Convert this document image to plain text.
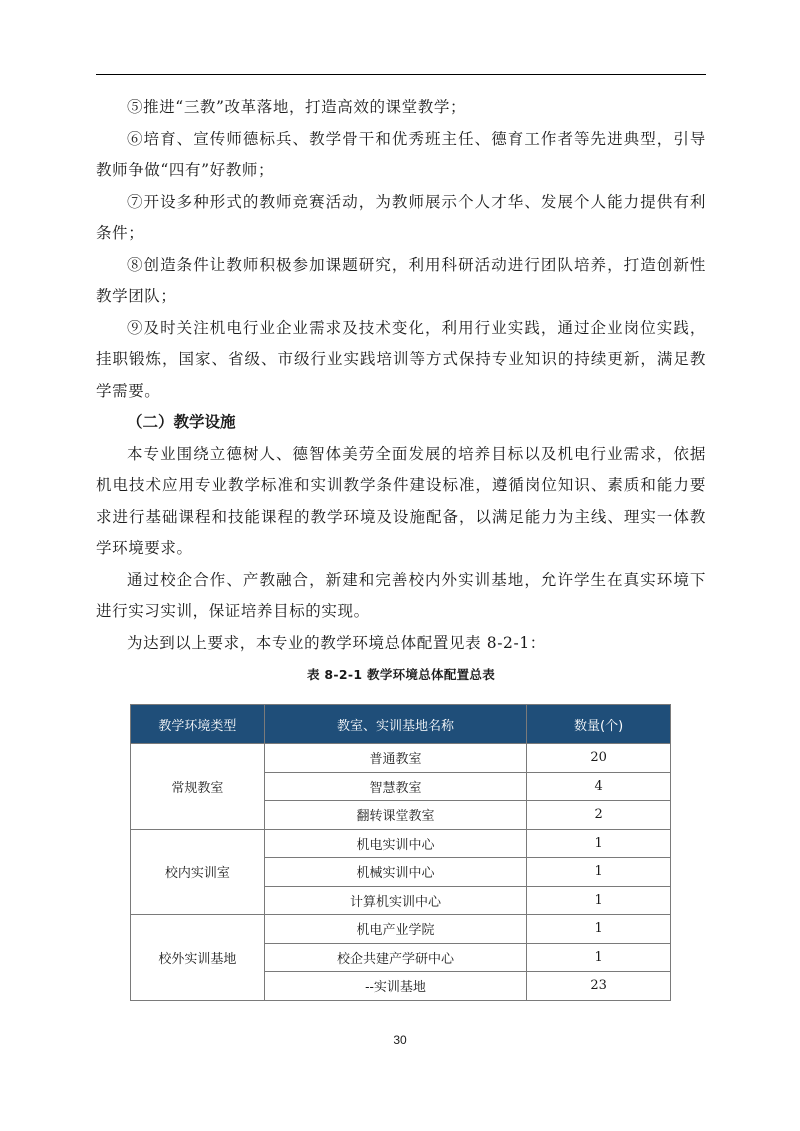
⑤推进“三教”改革落地，打造高效的课堂教学；

⑥培育、宣传师德标兵、教学骨干和优秀班主任、德育工作者等先进典型，引导教师争做“四有”好教师；

⑦开设多种形式的教师竞赛活动，为教师展示个人才华、发展个人能力提供有利条件；

⑧创造条件让教师积极参加课题研究，利用科研活动进行团队培养，打造创新性教学团队；

⑨及时关注机电行业企业需求及技术变化，利用行业实践，通过企业岗位实践，挂职锻炼，国家、省级、市级行业实践培训等方式保持专业知识的持续更新，满足教学需要。

（二）教学设施

本专业围绕立德树人、德智体美劳全面发展的培养目标以及机电行业需求，依据机电技术应用专业教学标准和实训教学条件建设标准，遵循岗位知识、素质和能力要求进行基础课程和技能课程的教学环境及设施配备，以满足能力为主线、理实一体教学环境要求。

通过校企合作、产教融合，新建和完善校内外实训基地，允许学生在真实环境下进行实习实训，保证培养目标的实现。

为达到以上要求，本专业的教学环境总体配置见表 8-2-1：

表 8-2-1 教学环境总体配置总表

教学环境类型	教室、实训基地名称	数量(个)
常规教室	普通教室	20
	智慧教室	4
	翻转课堂教室	2
校内实训室	机电实训中心	1
	机械实训中心	1
	计算机实训中心	1
校外实训基地	机电产业学院	1
	校企共建产学研中心	1
	--实训基地	23
30
